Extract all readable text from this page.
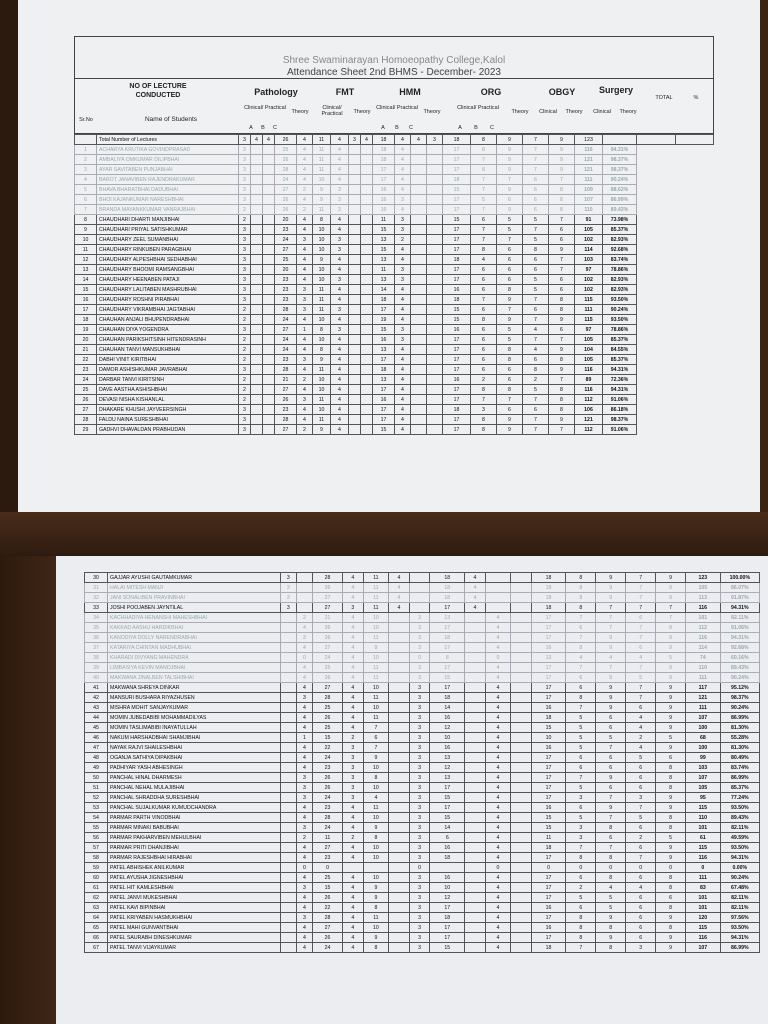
Shree Swaminarayan Homoeopathy College,Kalol
Attendance Sheet 2nd BHMS - December- 2023
NO OF LECTURE
CONDUCTED
Sr.No	Name of Students
Pathology	FMT	HMM	ORG	OBGY	Surgery
TOTAL	%
Clinical/ Practical
Theory
Clinical/ Practical	Theory
Clinical/ Practical
Theory
Clinical/ Practical
Theory	Clinical	Theory	Clinical	Theory
A	B	C	A	B	C	A	B	C
	Total Number of Lectures	3	4	4	26	4	11	4	3	4	18	4	4	3	18	8	9	7	9	123			
1	ACHARYA KRUTIKA GOVINDPRASAD	3			25	4	11	4			18	4			17	8	9	7	9	116	94.31%		
2	AMBALIYA OMKUMAR DILIPBHAI	3			26	4	11	4			18	4			17	7	9	7	9	121	98.37%		
3	AYAR SAVITABEN PUNJABHAI	3			28	4	11	4			17	4			17	8	9	7	9	121	98.37%		
4	BAROT JANAVIBEN RAJENDRAKUMAR	3			24	4	10	4			17	4			18	7	7	6	7	111	90.24%		
5	BHAVA BHARATBHAI DADUBHAI	3			27	2	9	3			16	4			15	7	9	6	8	109	88.62%		
6	BHOI KAJANKUMAR NARESHBHAI	3			26	4	9	3			16	3			17	5	6	6	8	107	86.99%		
7	BRANDA MAYANKKUMAR VANRAJBHAI	2			26	2	11	3			16	4			17	7	9	6	8	110	89.43%		
8	CHAUDHARI DHARTI MANJIBHAI	2			20	4	8	4			11	3			15	6	5	5	7	91	73.98%		
9	CHAUDHARI PRIYAL SATISHKUMAR	3			23	4	10	4			15	3			17	7	5	7	6	105	85.37%		
10	CHAUDHARY ZEEL SUMANBHAI	3			24	3	10	3			13	2			17	7	7	5	6	102	82.93%		
11	CHAUDHARY RINKUBEN PARAGBHAI	3			27	4	10	3			15	4			17	8	6	8	9	114	92.68%		
12	CHAUDHARY ALPESHBHAI SEDHABHAI	3			25	4	9	4			13	4			18	4	6	6	7	103	83.74%		
13	CHAUDHARY BHOOMI RAMSANGBHAI	3			20	4	10	4			11	3			17	6	6	6	7	97	78.86%		
14	CHAUDHARY HEENABEN PATAJI	3			23	4	10	3			13	3			17	6	6	5	6	102	82.93%		
15	CHAUDHARY LALITABEN MASHRUBHAI	3			23	3	11	4			14	4			16	6	8	5	6	102	82.93%		
16	CHAUDHARY ROSHNI PIRABHAI	3			23	3	11	4			18	4			18	7	9	7	8	115	93.50%		
17	CHAUDHARY VIKRAMBHAI JAGTABHAI	2			28	3	11	3			17	4			15	6	7	6	8	111	90.24%		
18	CHAUHAN ANJALI BHUPENDRABHAI	2			24	4	10	4			19	4			15	8	9	7	9	115	93.50%		
19	CHAUHAN DIYA YOGENDRA	3			27	1	8	3			15	3			16	6	5	4	6	97	78.86%		
20	CHAUHAN PARIKSHITSINH HITENDRASINH	2			24	4	10	4			16	3			17	6	5	7	7	105	85.37%		
21	CHAUHAN TANVI MANSUKHBHAI	2			24	4	8	4			13	4			17	6	8	4	9	104	84.55%		
22	DABHI VINIT KIRITBHAI	2			23	3	9	4			17	4			17	6	8	6	8	105	85.37%		
23	DAMOR ASHISHKUMAR JAVRABHAI	3			28	4	11	4			18	4			17	6	6	8	9	116	94.31%		
24	DARBAR TANVI KIRITSINH	2			21	2	10	4			13	4			16	2	6	2	7	89	72.36%		
25	DAVE AASTHA ASHISHBHAI	2			27	4	10	4			17	4			17	8	8	5	8	116	94.31%		
26	DEVASI NISHA KISHANLAL	2			26	3	11	4			16	4			17	7	7	7	8	112	91.06%		
27	DHAKARE KHUSHI JAYVEERSINGH	3			23	4	10	4			17	4			18	3	6	6	8	106	86.18%		
28	FALDU NAINA SURESHBHAI	3			28	4	11	4			17	4			17	8	9	7	9	121	98.37%		
29	GADHVI DHAVALDAN PRABHUDAN	3			27	2	9	4			15	4			17	8	9	7	7	112	91.06%		
30	GAJJAR AYUSHI GAUTAMKUMAR	3		28	4	11	4		18	4			18	8	9	7	9	123	100.00%
31	HALAI MITESH MANJI	3		26	4	11	4		18	4			18	8	9	7	9	105	86.07%
32	JANI SONALIBEN PRAVINBHAI	3		27	4	11	4		18	4			18	8	9	7	9	113	91.87%
33	JOSHI POOJABEN JAYNTILAL	3		27	3	11	4		17	4			18	8	7	7	7	116	94.31%
34	KACHHADIYA HENANSHI MAHESHBHAI		2	21	4	10		3	13		4		17	7	7	6	7	101	82.11%
35	KAKKAD AASHU HARDIKBHAI		4	26	4	10		3	17		4		17	6	7	7	8	112	91.06%
36	KANODIYA DOLLY NARENDRABHAI		3	26	4	11		3	18		4		17	7	9	7	9	116	94.31%
37	KATARIYA CHINTAN MADHUBHAI		4	27	4	9		3	17		4		16	8	9	6	9	114	92.68%
38	KHARADI DIVYANG MAHENDRA		0	24	4	10		0	8		0		13	4	4	4	5	74	60.16%
39	LIMBASIYA KEVIN MANOJBHAI		4	25	4	11		3	17		4		17	7	7	7	9	110	89.43%
40	MAKWANA JINALBEN TALSHIBHAI		4	26	4	11		3	15		4		17	6	8	5	9	111	90.24%
41	MAKWANA SHREYA DINKAR		4	27	4	10		3	17		4		17	6	9	7	9	117	95.12%
42	MANSURI BUSHARA RIYAZHUSEN		3	28	4	11		3	18		4		17	8	9	7	9	121	98.37%
43	MISHRA MOHIT SANJAYKUMAR		4	25	4	10		3	14		4		16	7	9	6	9	111	90.24%
44	MOMIN JUBEDABIBI MOHAMMADILYAS		4	26	4	11		3	16		4		18	5	6	4	9	107	86.99%
45	MOMIN TASLIMABIBI INAYATULLAH		4	25	4	7		3	12		4		15	5	6	4	9	100	81.30%
46	NAKUM HARSHADBHAI SHAMJIBHAI		1	15	2	6		3	10		4		10	5	5	2	5	68	55.28%
47	NAYAK RAJVI SHAILESHBHAI		4	22	3	7		3	16		4		16	5	7	4	9	100	81.30%
48	OGANJA SATHIYA DIPAKBHAI		4	24	3	9		3	13		4		17	6	6	5	6	99	80.49%
49	PADHIYAR YASH ABHESINGH		4	23	3	10		3	12		4		17	6	6	6	8	103	83.74%
50	PANCHAL HINAL DHARMESH		3	26	3	8		3	13		4		17	7	9	6	8	107	86.99%
51	PANCHAL NEHAL MULAJIBHAI		3	26	3	10		3	17		4		17	5	6	6	8	105	85.37%
52	PANCHAL SHRADDHA SURESHBHAI		3	24	3	4		3	15		4		17	3	7	3	9	95	77.24%
53	PANCHAL SUJALKUMAR KUMUDCHANDRA		4	23	4	11		3	17		4		16	6	9	7	9	115	93.50%
54	PARMAR PARTH VINODBHAI		4	28	4	10		3	15		4		15	5	7	5	8	110	89.43%
55	PARMAR MINAKI BABUBHAI		3	24	4	9		3	14		4		15	3	8	6	8	101	82.11%
56	PARMAR PAKHARVIBEN MEHULBHAI		2	11	2	8		3	6		4		11	3	6	2	5	61	49.59%
57	PARMAR PRITI DHANJIBHAI		4	27	4	10		3	16		4		18	7	7	6	9	115	93.50%
58	PARMAR RAJESHBHAI HIRABHAI		4	23	4	10		3	18		4		17	8	8	7	9	116	94.31%
59	PATEL ABHISHEK ANILKUMAR		0	0				0			0		0	0	0	0	0	0	0.00%
60	PATEL AYUSHA JIGNESHBHAI		4	25	4	10		3	16		4		17	6	8	6	8	111	90.24%
61	PATEL HIT KAMLESHBHAI		3	15	4	9		3	10		4		17	2	4	4	8	83	67.48%
62	PATEL JANVI MUKESHBHAI		4	26	4	9		3	12		4		17	5	5	6	6	101	82.11%
63	PATEL KAVI BIPINBHAI		4	22	4	8		3	17		4		16	6	5	6	8	101	82.11%
64	PATEL KRIYABEN HASMUKHBHAI		3	28	4	11		3	18		4		17	8	9	6	9	120	97.56%
65	PATEL MAHI GUNVANTBHAI		4	27	4	10		3	17		4		16	8	8	6	8	115	93.50%
66	PATEL SAURABH DINESHKUMAR		4	26	4	9		3	17		4		17	8	9	6	9	116	94.31%
67	PATEL TANVI VIJAYKUMAR		4	24	4	8		3	15		4		18	7	8	3	9	107	86.99%
